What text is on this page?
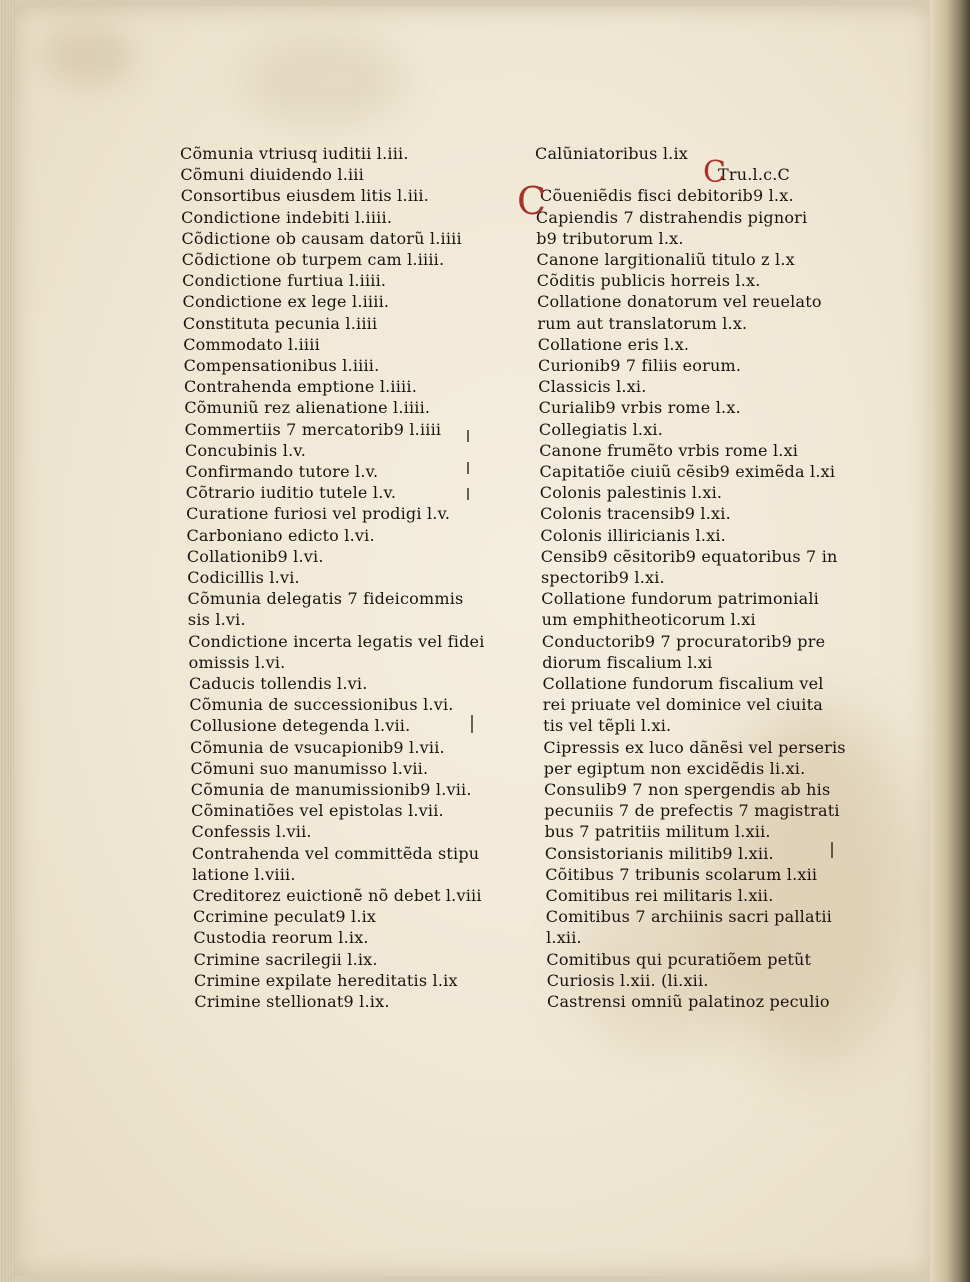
Cõmunia vtriusq iuditii l.iii.
Cõmuni diuidendo l.iii
Consortibus eiusdem litis l.iii.
Condictione indebiti l.iiii.
Cõdictione ob causam datorũ l.iiii
Cõdictione ob turpem cam l.iiii.
Condictione furtiua l.iiii.
Condictione ex lege l.iiii.
Constituta pecunia l.iiii
Commodato l.iiii
Compensationibus l.iiii.
Contrahenda emptione l.iiii.
Cõmuniũ rez alienatione l.iiii.
Commertiis 7 mercatorib9 l.iiii
Concubinis l.v.
Confirmando tutore l.v.
Cõtrario iuditio tutele l.v.
Curatione furiosi vel prodigi l.v.
Carboniano edicto l.vi.
Collationib9 l.vi.
Codicillis l.vi.
Cõmunia delegatis 7 fideicommis
sis l.vi.
Condictione incerta legatis vel fidei
omissis l.vi.
Caducis tollendis l.vi.
Cõmunia de successionibus l.vi.
Collusione detegenda l.vii.
Cõmunia de vsucapionib9 l.vii.
Cõmuni suo manumisso l.vii.
Cõmunia de manumissionib9 l.vii.
Cõminatiões vel epistolas l.vii.
Confessis l.vii.
Contrahenda vel committẽda stipu
latione l.viii.
Creditorez euictionẽ nõ debet l.viii
Ccrimine peculat9 l.ix
Custodia reorum l.ix.
Crimine sacrilegii l.ix.
Crimine expilate hereditatis l.ix
Crimine stellionat9 l.ix.
Calũniatoribus l.ix
Tru.l.c.C
Cõueniẽdis fisci debitorib9 l.x.
Capiendis 7 distrahendis pignori
b9 tributorum l.x.
Canone largitionaliũ titulo z l.x
Cõditis publicis horreis l.x.
Collatione donatorum vel reuelato
rum aut translatorum l.x.
Collatione eris l.x.
Curionib9 7 filiis eorum.
Classicis l.xi.
Curialib9 vrbis rome l.x.
Collegiatis l.xi.
Canone frumẽto vrbis rome l.xi
Capitatiõe ciuiũ cẽsib9 eximẽda l.xi
Colonis palestinis l.xi.
Colonis tracensib9 l.xi.
Colonis illiricianis l.xi.
Censib9 cẽsitorib9 equatoribus 7 in
spectorib9 l.xi.
Collatione fundorum patrimoniali
um emphitheoticorum l.xi
Conductorib9 7 procuratorib9 pre
diorum fiscalium l.xi
Collatione fundorum fiscalium vel
rei priuate vel dominice vel ciuita
tis vel tẽpli l.xi.
Cipressis ex luco dãnẽsi vel perseris
per egiptum non excidẽdis li.xi.
Consulib9 7 non spergendis ab his
pecuniis 7 de prefectis 7 magistrati
bus 7 patritiis militum l.xii.
Consistorianis militib9 l.xii.
Cõitibus 7 tribunis scolarum l.xii
Comitibus rei militaris l.xii.
Comitibus 7 archiinis sacri pallatii
l.xii.
Comitibus qui pcuratiõem petũt
Curiosis l.xii. (li.xii.
Castrensi omniũ palatinoz peculio
C
C
